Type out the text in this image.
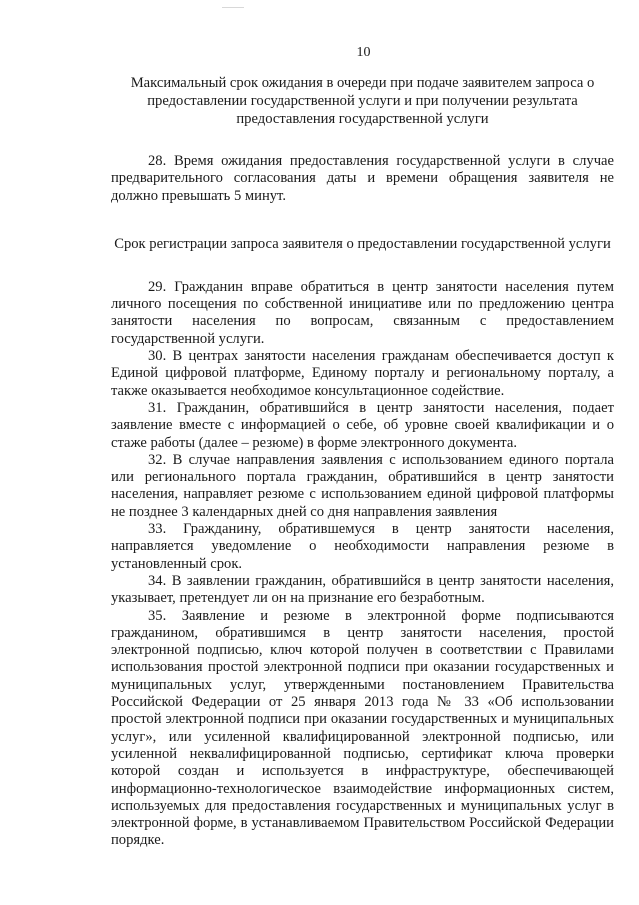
10

Максимальный срок ожидания в очереди при подаче заявителем запроса о предоставлении государственной услуги и при получении результата предоставления государственной услуги

28. Время ожидания предоставления государственной услуги в случае предварительного согласования даты и времени обращения заявителя не должно превышать 5 минут.

Срок регистрации запроса заявителя о предоставлении государственной услуги

29. Гражданин вправе обратиться в центр занятости населения путем личного посещения по собственной инициативе или по предложению центра занятости населения по вопросам, связанным с предоставлением государственной услуги.

30. В центрах занятости населения гражданам обеспечивается доступ к Единой цифровой платформе, Единому порталу и региональному порталу, а также оказывается необходимое консультационное содействие.

31. Гражданин, обратившийся в центр занятости населения, подает заявление вместе с информацией о себе, об уровне своей квалификации и о стаже работы (далее – резюме) в форме электронного документа.

32. В случае направления заявления с использованием единого портала или регионального портала гражданин, обратившийся в центр занятости населения, направляет резюме с использованием единой цифровой платформы не позднее 3 календарных дней со дня направления заявления

33. Гражданину, обратившемуся в центр занятости населения, направляется уведомление о необходимости направления резюме в установленный срок.

34. В заявлении гражданин, обратившийся в центр занятости населения, указывает, претендует ли он на признание его безработным.

35. Заявление и резюме в электронной форме подписываются гражданином, обратившимся в центр занятости населения, простой электронной подписью, ключ которой получен в соответствии с Правилами использования простой электронной подписи при оказании государственных и муниципальных услуг, утвержденными постановлением Правительства Российской Федерации от 25 января 2013 года № 33 «Об использовании простой электронной подписи при оказании государственных и муниципальных услуг», или усиленной квалифицированной электронной подписью, или усиленной неквалифицированной подписью, сертификат ключа проверки которой создан и используется в инфраструктуре, обеспечивающей информационно-технологическое взаимодействие информационных систем, используемых для предоставления государственных и муниципальных услуг в электронной форме, в устанавливаемом Правительством Российской Федерации порядке.
